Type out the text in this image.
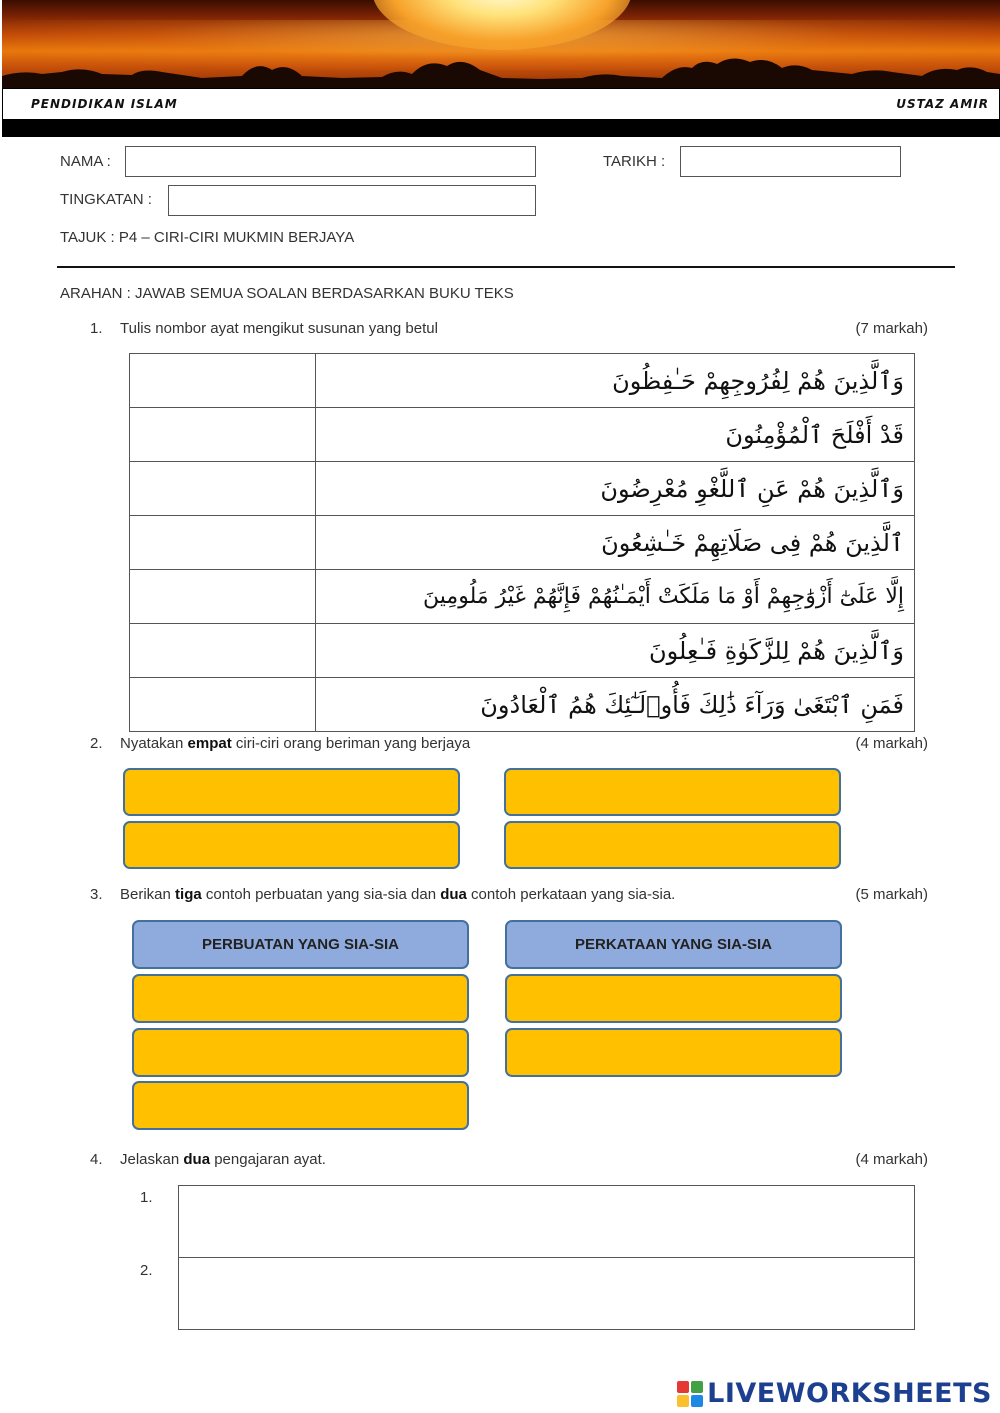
PENDIDIKAN ISLAM	USTAZ AMIR
NAMA :	TARIKH :
TINGKATAN :
TAJUK : P4 – CIRI-CIRI MUKMIN BERJAYA
ARAHAN : JAWAB SEMUA SOALAN BERDASARKAN BUKU TEKS
1.	Tulis nombor ayat mengikut susunan yang betul	(7 markah)
	وَٱلَّذِينَ هُمْ لِفُرُوجِهِمْ حَـٰفِظُونَ
	قَدْ أَفْلَحَ ٱلْمُؤْمِنُونَ
	وَٱلَّذِينَ هُمْ عَنِ ٱللَّغْوِ مُعْرِضُونَ
	ٱلَّذِينَ هُمْ فِى صَلَاتِهِمْ خَـٰشِعُونَ
	إِلَّا عَلَىٰٓ أَزْوَٰجِهِمْ أَوْ مَا مَلَكَتْ أَيْمَـٰنُهُمْ فَإِنَّهُمْ غَيْرُ مَلُومِينَ
	وَٱلَّذِينَ هُمْ لِلزَّكَوٰةِ فَـٰعِلُونَ
	فَمَنِ ٱبْتَغَىٰ وَرَآءَ ذَٰلِكَ فَأُو۟لَـٰٓئِكَ هُمُ ٱلْعَادُونَ
2.	Nyatakan empat ciri-ciri orang beriman yang berjaya	(4 markah)
3.	Berikan tiga contoh perbuatan yang sia-sia dan dua contoh perkataan yang sia-sia.	(5 markah)
PERBUATAN YANG SIA-SIA	PERKATAAN YANG SIA-SIA
4.	Jelaskan dua pengajaran ayat.	(4 markah)
1.
2.
LIVEWORKSHEETS
